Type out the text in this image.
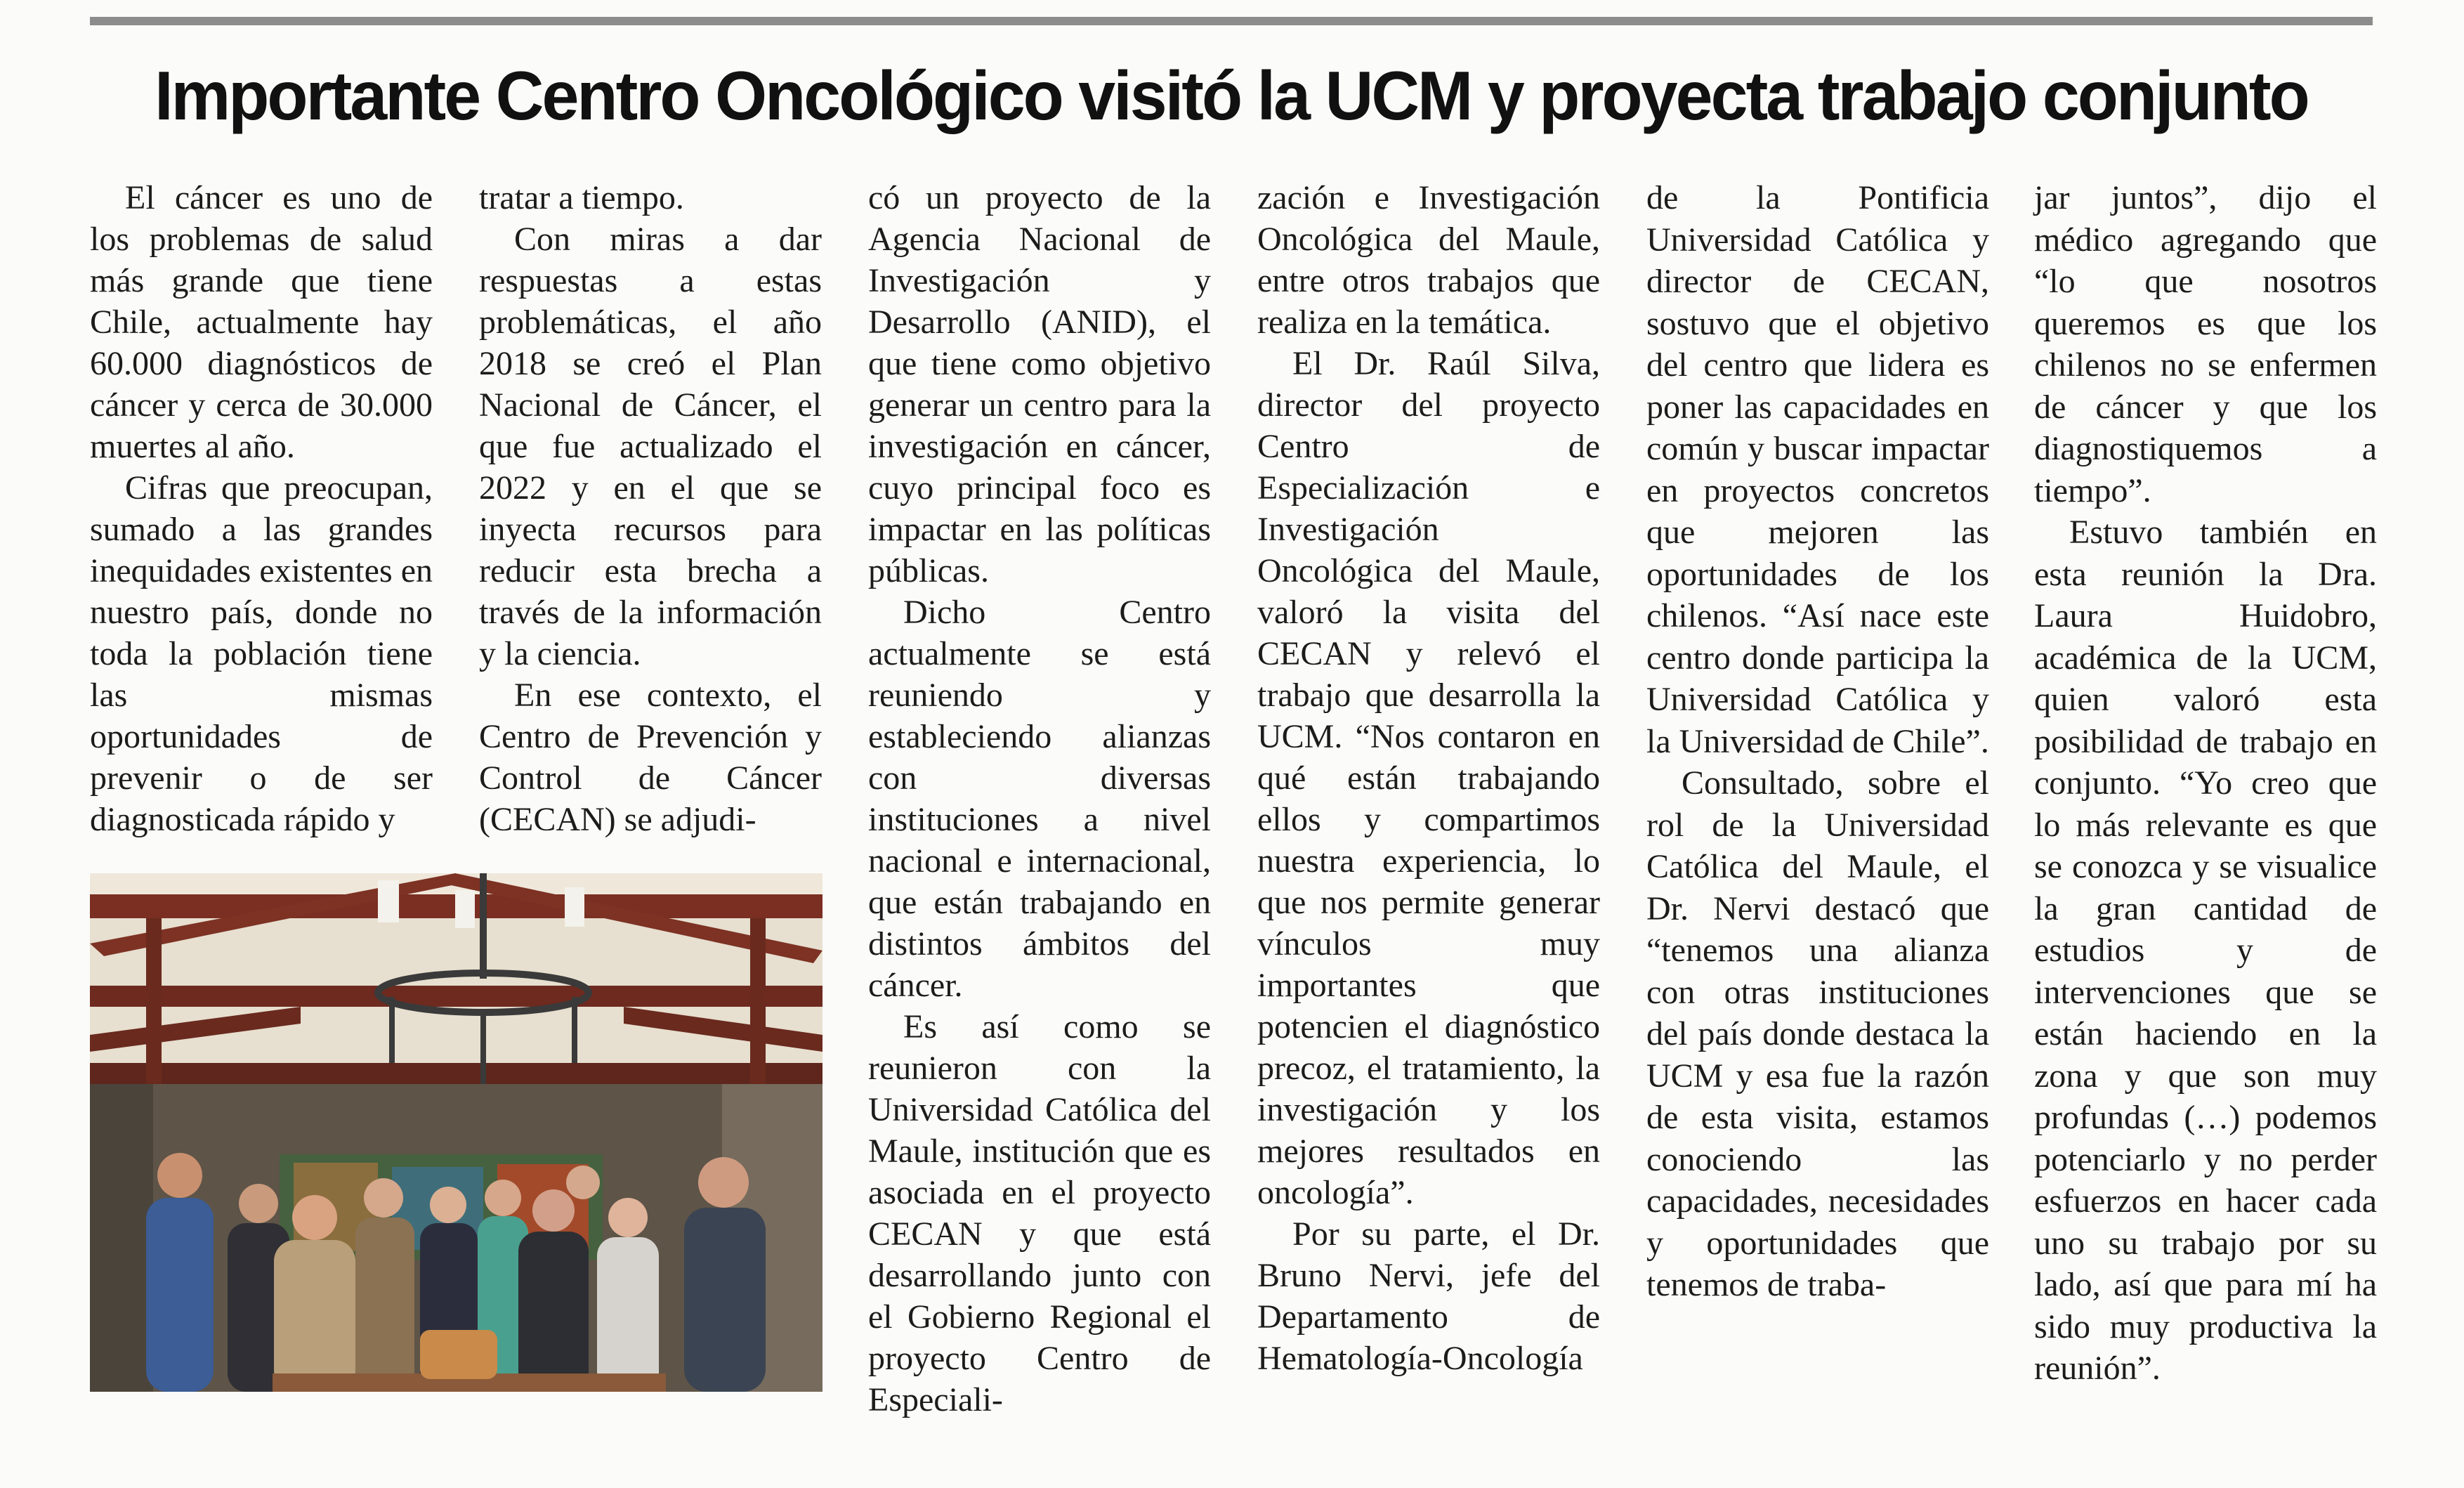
Importante Centro Oncológico visitó la UCM y proyecta trabajo conjunto

El cáncer es uno de los problemas de salud más grande que tiene Chile, actualmente hay 60.000 diagnósticos de cáncer y cerca de 30.000 muertes al año.

Cifras que preocupan, sumado a las grandes inequidades existentes en nuestro país, donde no toda la población tiene las mismas oportunidades de prevenir o de ser diagnosticada rápido y

tratar a tiempo.

Con miras a dar respuestas a estas problemáticas, el año 2018 se creó el Plan Nacional de Cáncer, el que fue actualizado el 2022 y en el que se inyecta recursos para reducir esta brecha a través de la información y la ciencia.

En ese contexto, el Centro de Prevención y Control de Cáncer (CECAN) se adjudi-

có un proyecto de la Agencia Nacional de Investigación y Desarrollo (ANID), el que tiene como objetivo generar un centro para la investigación en cáncer, cuyo principal foco es impactar en las políticas públicas.

Dicho Centro actualmente se está reuniendo y estableciendo alianzas con diversas instituciones a nivel nacional e internacional, que están trabajando en distintos ámbitos del cáncer.

Es así como se reunieron con la Universidad Católica del Maule, institución que es asociada en el proyecto CECAN y que está desarrollando junto con el Gobierno Regional el proyecto Centro de Especiali-

zación e Investigación Oncológica del Maule, entre otros trabajos que realiza en la temática.

El Dr. Raúl Silva, director del proyecto Centro de Especialización e Investigación Oncológica del Maule, valoró la visita del CECAN y relevó el trabajo que desarrolla la UCM. “Nos contaron en qué están trabajando ellos y compartimos nuestra experiencia, lo que nos permite generar vínculos muy importantes que potencien el diagnóstico precoz, el tratamiento, la investigación y los mejores resultados en oncología”.

Por su parte, el Dr. Bruno Nervi, jefe del Departamento de Hematología-Oncología

de la Pontificia Universidad Católica y director de CECAN, sostuvo que el objetivo del centro que lidera es poner las capacidades en común y buscar impactar en proyectos concretos que mejoren las oportunidades de los chilenos. “Así nace este centro donde participa la Universidad Católica y la Universidad de Chile”.

Consultado, sobre el rol de la Universidad Católica del Maule, el Dr. Nervi destacó que “tenemos una alianza con otras instituciones del país donde destaca la UCM y esa fue la razón de esta visita, estamos conociendo las capacidades, necesidades y oportunidades que tenemos de traba-

jar juntos”, dijo el médico agregando que “lo que nosotros queremos es que los chilenos no se enfermen de cáncer y que los diagnostiquemos a tiempo”.

Estuvo también en esta reunión la Dra. Laura Huidobro, académica de la UCM, quien valoró esta posibilidad de trabajo en conjunto. “Yo creo que lo más relevante es que se conozca y se visualice la gran cantidad de estudios y de intervenciones que se están haciendo en la zona y que son muy profundas (…) podemos potenciarlo y no perder esfuerzos en hacer cada uno su trabajo por su lado, así que para mí ha sido muy productiva la reunión”.
